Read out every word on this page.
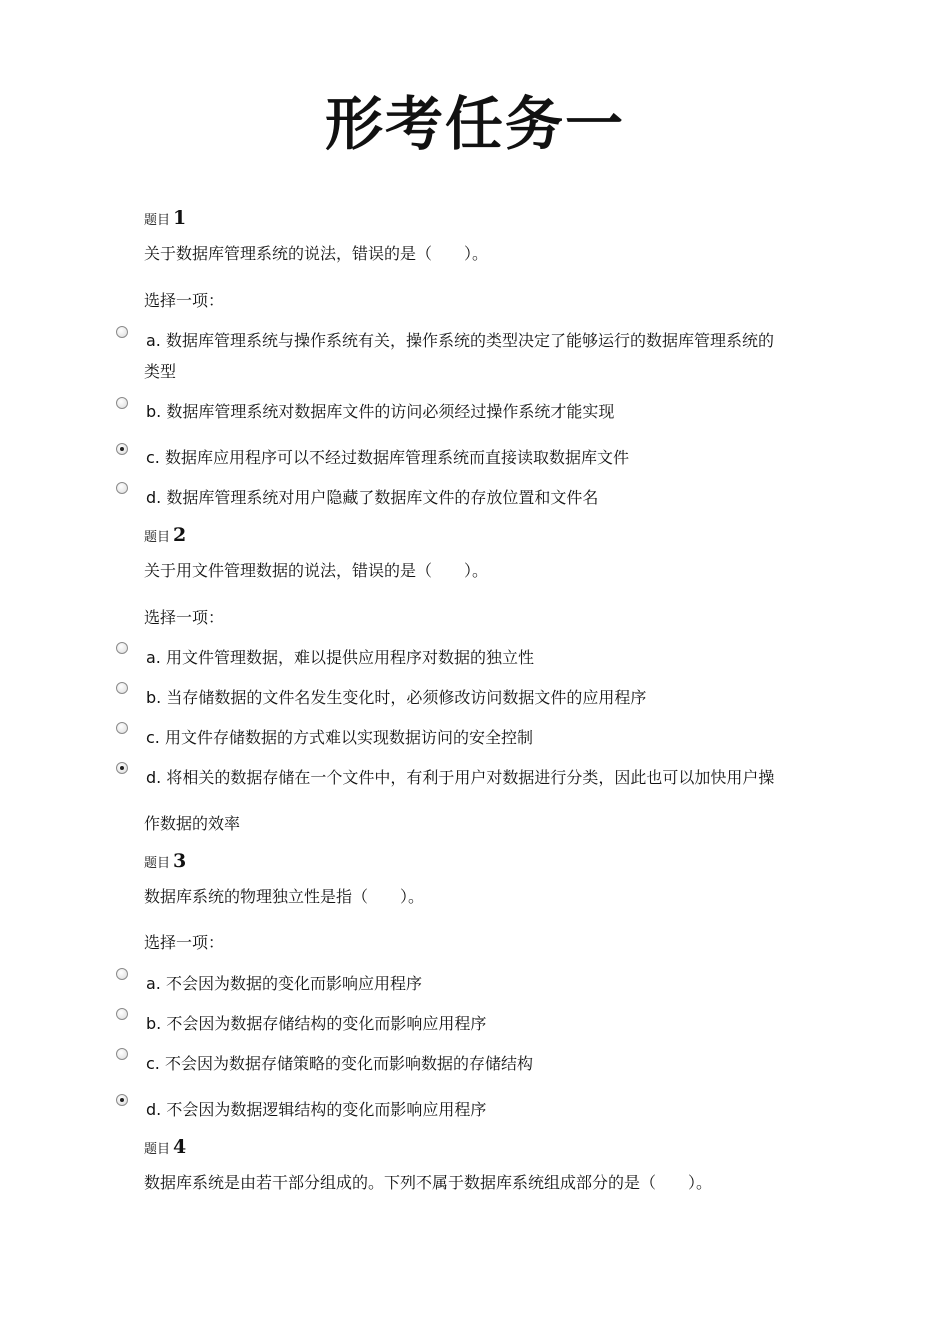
形考任务一
题目 1
关于数据库管理系统的说法，错误的是（　　）。
选择一项：
a. 数据库管理系统与操作系统有关，操作系统的类型决定了能够运行的数据库管理系统的
类型
b. 数据库管理系统对数据库文件的访问必须经过操作系统才能实现
c. 数据库应用程序可以不经过数据库管理系统而直接读取数据库文件
d. 数据库管理系统对用户隐藏了数据库文件的存放位置和文件名
题目 2
关于用文件管理数据的说法，错误的是（　　）。
选择一项：
a. 用文件管理数据，难以提供应用程序对数据的独立性
b. 当存储数据的文件名发生变化时，必须修改访问数据文件的应用程序
c. 用文件存储数据的方式难以实现数据访问的安全控制
d. 将相关的数据存储在一个文件中，有利于用户对数据进行分类，因此也可以加快用户操
作数据的效率
题目 3
数据库系统的物理独立性是指（　　）。
选择一项：
a. 不会因为数据的变化而影响应用程序
b. 不会因为数据存储结构的变化而影响应用程序
c. 不会因为数据存储策略的变化而影响数据的存储结构
d. 不会因为数据逻辑结构的变化而影响应用程序
题目 4
数据库系统是由若干部分组成的。下列不属于数据库系统组成部分的是（　　）。
